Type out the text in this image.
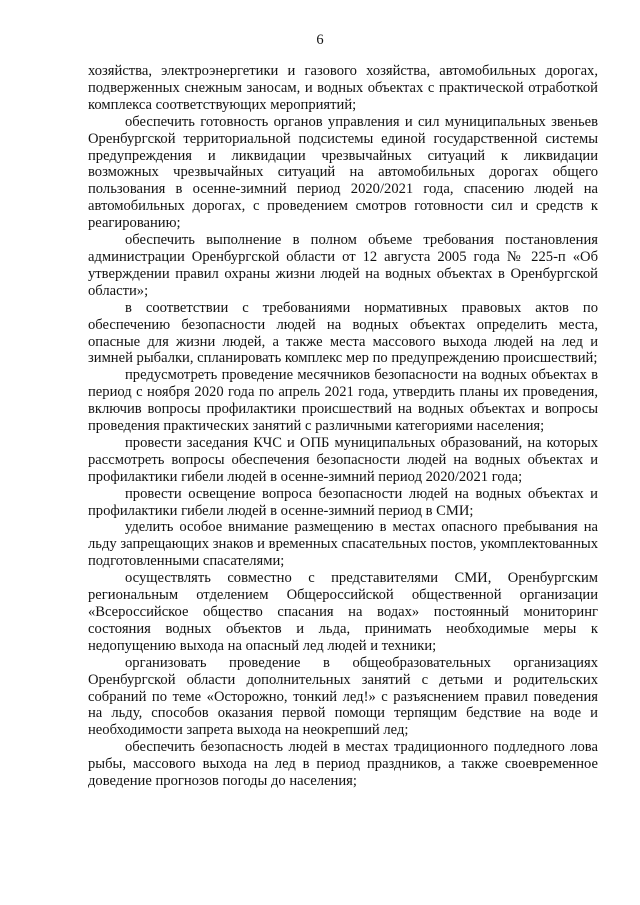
6

хозяйства, электроэнергетики и газового хозяйства, автомобильных дорогах, подверженных снежным заносам, и водных объектах с практической отработкой комплекса соответствующих мероприятий;

обеспечить готовность органов управления и сил муниципальных звеньев Оренбургской территориальной подсистемы единой государственной системы предупреждения и ликвидации чрезвычайных ситуаций к ликвидации возможных чрезвычайных ситуаций на автомобильных дорогах общего пользования в осенне-зимний период 2020/2021 года, спасению людей на автомобильных дорогах, с проведением смотров готовности сил и средств к реагированию;

обеспечить выполнение в полном объеме требования постановления администрации Оренбургской области от 12 августа 2005 года № 225-п «Об утверждении правил охраны жизни людей на водных объектах в Оренбургской области»;

в соответствии с требованиями нормативных правовых актов по обеспечению безопасности людей на водных объектах определить места, опасные для жизни людей, а также места массового выхода людей на лед и зимней рыбалки, спланировать комплекс мер по предупреждению происшествий;

предусмотреть проведение месячников безопасности на водных объектах в период с ноября 2020 года по апрель 2021 года, утвердить планы их проведения, включив вопросы профилактики происшествий на водных объектах и вопросы проведения практических занятий с различными категориями населения;

провести заседания КЧС и ОПБ муниципальных образований, на которых рассмотреть вопросы обеспечения безопасности людей на водных объектах и профилактики гибели людей в осенне-зимний период 2020/2021 года;

провести освещение вопроса безопасности людей на водных объектах и профилактики гибели людей в осенне-зимний период в СМИ;

уделить особое внимание размещению в местах опасного пребывания на льду запрещающих знаков и временных спасательных постов, укомплектованных подготовленными спасателями;

осуществлять совместно с представителями СМИ, Оренбургским региональным отделением Общероссийской общественной организации «Всероссийское общество спасания на водах» постоянный мониторинг состояния водных объектов и льда, принимать необходимые меры к недопущению выхода на опасный лед людей и техники;

организовать проведение в общеобразовательных организациях Оренбургской области дополнительных занятий с детьми и родительских собраний по теме «Осторожно, тонкий лед!» с разъяснением правил поведения на льду, способов оказания первой помощи терпящим бедствие на воде и необходимости запрета выхода на неокрепший лед;

обеспечить безопасность людей в местах традиционного подледного лова рыбы, массового выхода на лед в период праздников, а также своевременное доведение прогнозов погоды до населения;
